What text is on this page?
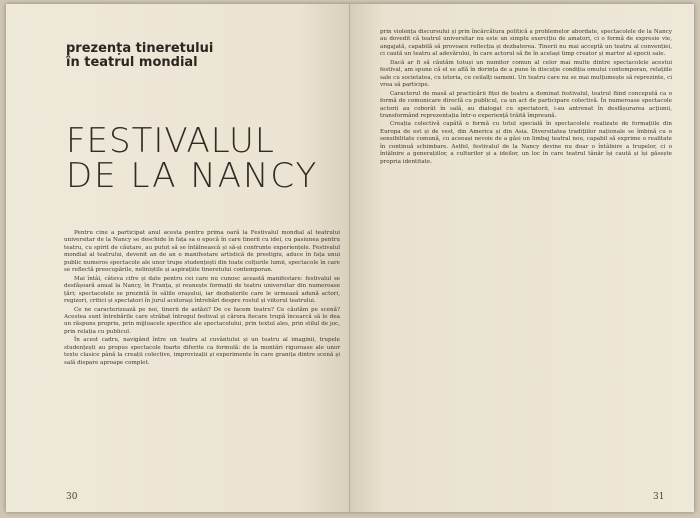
prezența tineretului
în teatrul mondial
FESTIVALUL
DE LA NANCY

Pentru cine a participat anul acesta pentru prima oară la Festivalul mondial al teatrului universitar de la Nancy se deschide în fața sa o epocă în care tinerii cu idei, cu pasiunea pentru teatru, cu spirit de căutare, au putut să se întâlnească și să-și confrunte experiențele. Festivalul mondial al teatrului, devenit an de an o manifestare artistică de prestigiu, aduce în fața unui public numeros spectacole ale unor trupe studențești din toate colțurile lumii, spectacole în care se reflectă preocupările, neliniștile și aspirațiile tineretului contemporan.

Mai întâi, câteva cifre și date pentru cei care nu cunosc această manifestare: festivalul se desfășoară anual la Nancy, în Franța, și reunește formații de teatru universitar din numeroase țări; spectacolele se prezintă în sălile orașului, iar dezbaterile care le urmează adună actori, regizori, critici și spectatori în jurul acelorași întrebări despre rostul și viitorul teatrului.

Ce ne caracterizează pe noi, tinerii de astăzi? De ce facem teatru? Ce căutăm pe scenă? Acestea sunt întrebările care străbat întregul festival și cărora fiecare trupă încearcă să le dea un răspuns propriu, prin mijloacele specifice ale spectacolului, prin textul ales, prin stilul de joc, prin relația cu publicul.

În acest cadru, navigând între un teatru al cuvântului și un teatru al imaginii, trupele studențești au propus spectacole foarte diferite ca formulă: de la montări riguroase ale unor texte clasice până la creații colective, improvizații și experimente în care granița dintre scenă și sală dispare aproape complet.

30

prin violența discursului și prin încărcătura politică a problemelor abordate, spectacolele de la Nancy au dovedit că teatrul universitar nu este un simplu exercițiu de amatori, ci o formă de expresie vie, angajată, capabilă să provoace reflecția și dezbaterea. Tinerii nu mai acceptă un teatru al convenției, ci caută un teatru al adevărului, în care actorul să fie în același timp creator și martor al epocii sale.

Dacă ar fi să căutăm totuși un numitor comun al celor mai multe dintre spectacolele acestui festival, am spune că el se află în dorința de a pune în discuție condiția omului contemporan, relațiile sale cu societatea, cu istoria, cu ceilalți oameni. Un teatru care nu se mai mulțumește să reprezinte, ci vrea să participe.

Caracterul de masă al practicării fiței de teatru a dominat festivalul, teatrul fiind concepută ca o formă de comunicare directă cu publicul, ca un act de participare colectivă. În numeroase spectacole actorii au coborât în sală, au dialogat cu spectatorii, i-au antrenat în desfășurarea acțiunii, transformând reprezentația într-o experiență trăită împreună.

Creația colectivă capătă o formă cu totul specială în spectacolele realizate de formațiile din Europa de est și de vest, din America și din Asia. Diversitatea tradițiilor naționale se îmbină cu o sensibilitate comună, cu aceeași nevoie de a găsi un limbaj teatral nou, capabil să exprime o realitate în continuă schimbare. Astfel, festivalul de la Nancy devine nu doar o întâlnire a trupelor, ci o întâlnire a generațiilor, a culturilor și a ideilor, un loc în care teatrul tânăr își caută și își găsește propria identitate.

31
